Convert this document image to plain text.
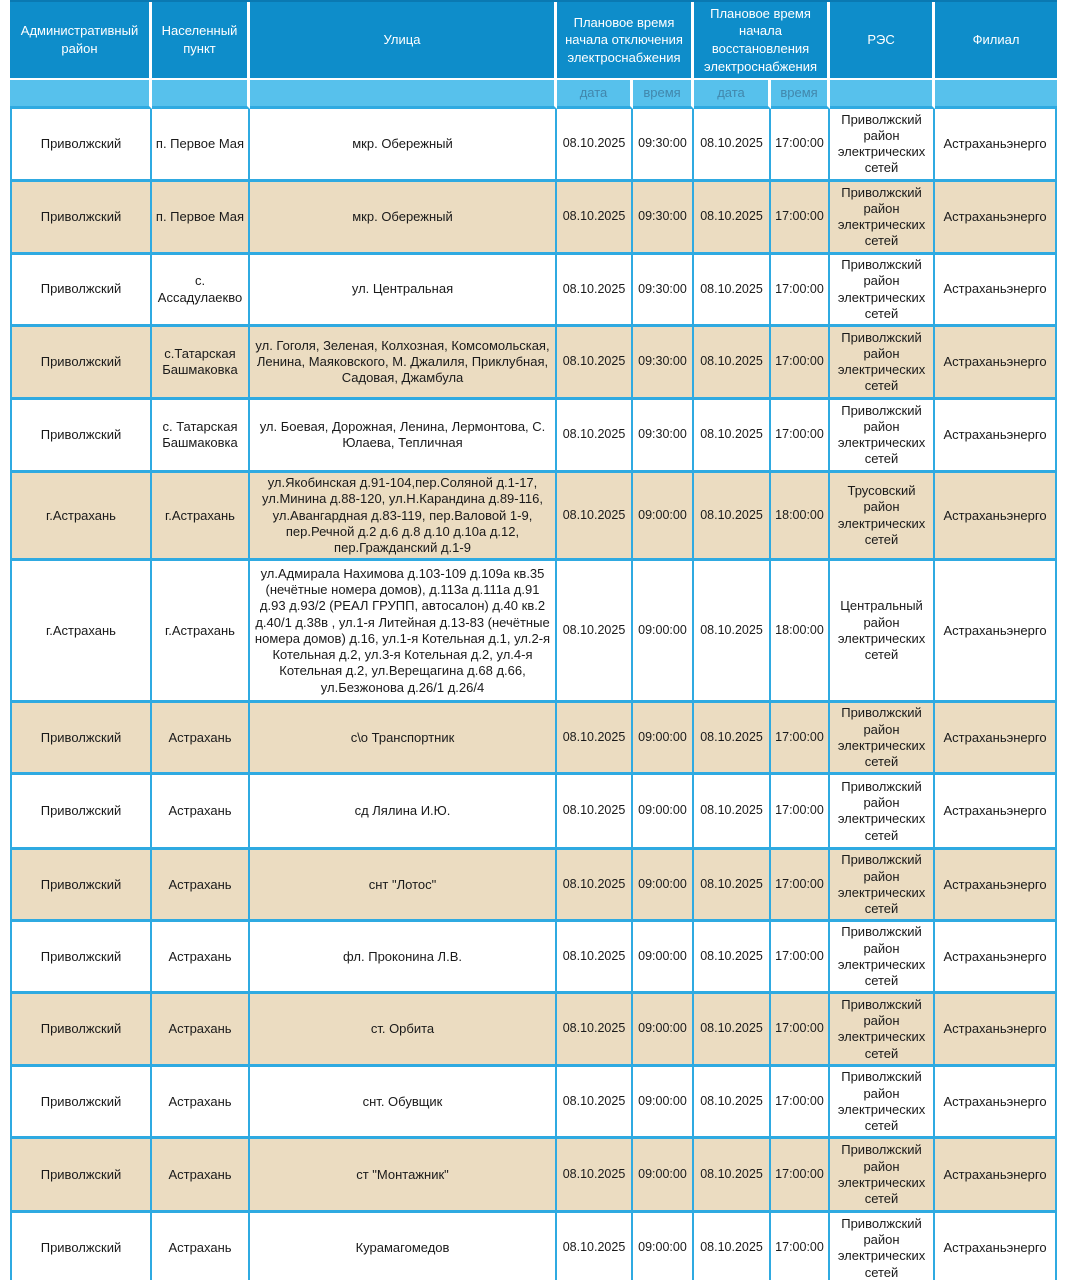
Административный район	Населенный пункт	Улица	Плановое время начала отключения электроснабжения		Плановое время начала восстановления электроснабжения		РЭС	Филиал
			дата	время	дата	время		
Приволжский	п. Первое Мая	мкр. Обережный	08.10.2025	09:30:00	08.10.2025	17:00:00	Приволжский район электрических сетей	Астраханьэнерго
Приволжский	п. Первое Мая	мкр. Обережный	08.10.2025	09:30:00	08.10.2025	17:00:00	Приволжский район электрических сетей	Астраханьэнерго
Приволжский	с. Ассадулаекво	ул. Центральная	08.10.2025	09:30:00	08.10.2025	17:00:00	Приволжский район электрических сетей	Астраханьэнерго
Приволжский	с.Татарская Башмаковка	ул. Гоголя, Зеленая, Колхозная, Комсомольская, Ленина, Маяковского, М. Джалиля, Приклубная, Садовая, Джамбула	08.10.2025	09:30:00	08.10.2025	17:00:00	Приволжский район электрических сетей	Астраханьэнерго
Приволжский	с. Татарская Башмаковка	ул. Боевая, Дорожная, Ленина, Лермонтова, С. Юлаева, Тепличная	08.10.2025	09:30:00	08.10.2025	17:00:00	Приволжский район электрических сетей	Астраханьэнерго
г.Астрахань	г.Астрахань	ул.Якобинская д.91-104,пер.Соляной д.1-17, ул.Минина д.88-120, ул.Н.Карандина д.89-116, ул.Авангардная д.83-119, пер.Валовой 1-9, пер.Речной д.2 д.6 д.8 д.10 д.10а д.12, пер.Гражданский д.1-9	08.10.2025	09:00:00	08.10.2025	18:00:00	Трусовский район электрических сетей	Астраханьэнерго
г.Астрахань	г.Астрахань	ул.Адмирала Нахимова д.103-109 д.109а кв.35 (нечётные номера домов), д.113а д.111а д.91 д.93 д.93/2 (РЕАЛ ГРУПП, автосалон) д.40 кв.2 д.40/1 д.38в , ул.1-я Литейная д.13-83 (нечётные номера домов) д.16, ул.1-я Котельная д.1, ул.2-я Котельная д.2, ул.3-я Котельная д.2, ул.4-я Котельная д.2, ул.Верещагина д.68 д.66, ул.Безжонова д.26/1 д.26/4	08.10.2025	09:00:00	08.10.2025	18:00:00	Центральный район электрических сетей	Астраханьэнерго
Приволжский	Астрахань	с\о Транспортник	08.10.2025	09:00:00	08.10.2025	17:00:00	Приволжский район электрических сетей	Астраханьэнерго
Приволжский	Астрахань	сд Лялина И.Ю.	08.10.2025	09:00:00	08.10.2025	17:00:00	Приволжский район электрических сетей	Астраханьэнерго
Приволжский	Астрахань	снт "Лотос"	08.10.2025	09:00:00	08.10.2025	17:00:00	Приволжский район электрических сетей	Астраханьэнерго
Приволжский	Астрахань	фл. Проконина Л.В.	08.10.2025	09:00:00	08.10.2025	17:00:00	Приволжский район электрических сетей	Астраханьэнерго
Приволжский	Астрахань	ст. Орбита	08.10.2025	09:00:00	08.10.2025	17:00:00	Приволжский район электрических сетей	Астраханьэнерго
Приволжский	Астрахань	снт. Обувщик	08.10.2025	09:00:00	08.10.2025	17:00:00	Приволжский район электрических сетей	Астраханьэнерго
Приволжский	Астрахань	ст "Монтажник"	08.10.2025	09:00:00	08.10.2025	17:00:00	Приволжский район электрических сетей	Астраханьэнерго
Приволжский	Астрахань	Курамагомедов	08.10.2025	09:00:00	08.10.2025	17:00:00	Приволжский район электрических сетей	Астраханьэнерго
